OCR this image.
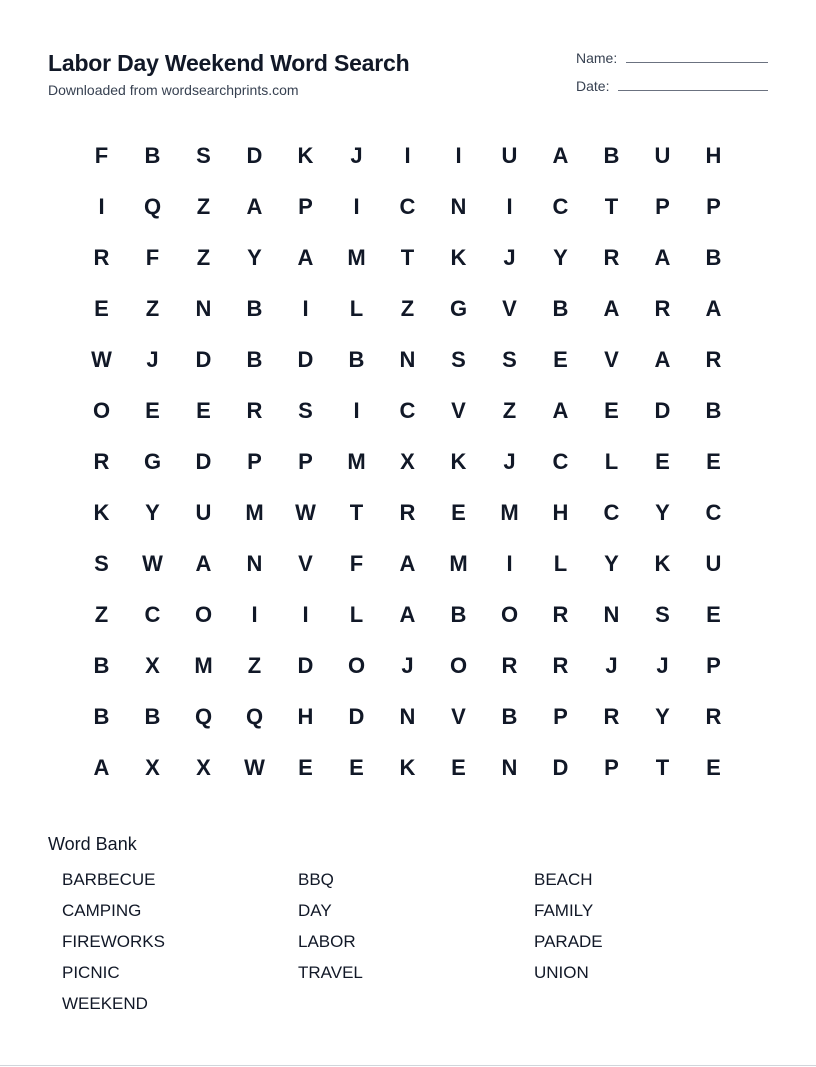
Labor Day Weekend Word Search
Downloaded from wordsearchprints.com
Name:
Date:
F	B	S	D	K	J	I	I	U	A	B	U	H
I	Q	Z	A	P	I	C	N	I	C	T	P	P
R	F	Z	Y	A	M	T	K	J	Y	R	A	B
E	Z	N	B	I	L	Z	G	V	B	A	R	A
W	J	D	B	D	B	N	S	S	E	V	A	R
O	E	E	R	S	I	C	V	Z	A	E	D	B
R	G	D	P	P	M	X	K	J	C	L	E	E
K	Y	U	M	W	T	R	E	M	H	C	Y	C
S	W	A	N	V	F	A	M	I	L	Y	K	U
Z	C	O	I	I	L	A	B	O	R	N	S	E
B	X	M	Z	D	O	J	O	R	R	J	J	P
B	B	Q	Q	H	D	N	V	B	P	R	Y	R
A	X	X	W	E	E	K	E	N	D	P	T	E
Word Bank
BARBECUE	BBQ	BEACH
CAMPING	DAY	FAMILY
FIREWORKS	LABOR	PARADE
PICNIC	TRAVEL	UNION
WEEKEND
